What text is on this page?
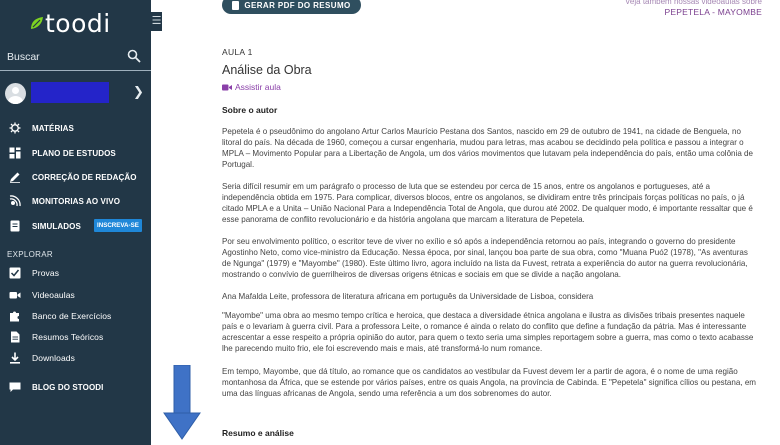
toodi
Buscar
❯
MATÉRIAS
PLANO DE ESTUDOS
CORREÇÃO DE REDAÇÃO
MONITORIAS AO VIVO
SIMULADOS	INSCREVA-SE
EXPLORAR
Provas
Videoaulas
Banco de Exercícios
Resumos Teóricos
Downloads
BLOG DO STOODI
☰
GERAR PDF DO RESUMO	Veja também nossas videoaulas sobre
PEPETELA - MAYOMBE
AULA 1
Análise da Obra
Assistir aula
Sobre o autor

Pepetela é o pseudônimo do angolano Artur Carlos Maurício Pestana dos Santos, nascido em 29 de outubro de 1941, na cidade de Benguela, no litoral do país. Na década de 1960, começou a cursar engenharia, mudou para letras, mas acabou se decidindo pela política e passou a integrar o MPLA – Movimento Popular para a Libertação de Angola, um dos vários movimentos que lutavam pela independência do país, então uma colônia de Portugal.

Seria difícil resumir em um parágrafo o processo de luta que se estendeu por cerca de 15 anos, entre os angolanos e portugueses, até a independência obtida em 1975. Para complicar, diversos blocos, entre os angolanos, se dividiram entre três principais forças políticas no país, o já citado MPLA e a Unita – União Nacional Para a Independência Total de Angola, que durou até 2002. De qualquer modo, é importante ressaltar que é esse panorama de conflito revolucionário e da história angolana que marcam a literatura de Pepetela.

Por seu envolvimento político, o escritor teve de viver no exílio e só após a independência retornou ao país, integrando o governo do presidente Agostinho Neto, como vice-ministro da Educação. Nessa época, por sinal, lançou boa parte de sua obra, como "Muana Puó2 (1978), "As aventuras de Ngunga" (1979) e "Mayombe" (1980). Este último livro, agora incluído na lista da Fuvest, retrata a experiência do autor na guerra revolucionária, mostrando o convívio de guerrilheiros de diversas origens étnicas e sociais em que se divide a nação angolana.

Ana Mafalda Leite, professora de literatura africana em português da Universidade de Lisboa, considera

"Mayombe" uma obra ao mesmo tempo crítica e heroica, que destaca a diversidade étnica angolana e ilustra as divisões tribais presentes naquele país e o levariam à guerra civil. Para a professora Leite, o romance é ainda o relato do conflito que define a fundação da pátria. Mas é interessante acrescentar a esse respeito a própria opinião do autor, para quem o texto seria uma simples reportagem sobre a guerra, mas como o texto acabasse lhe parecendo muito frio, ele foi escrevendo mais e mais, até transformá-lo num romance.

Em tempo, Mayombe, que dá título, ao romance que os candidatos ao vestibular da Fuvest devem ler a partir de agora, é o nome de uma região montanhosa da África, que se estende por vários países, entre os quais Angola, na província de Cabinda. E "Pepetela" significa cílios ou pestana, em uma das línguas africanas de Angola, sendo uma referência a um dos sobrenomes do autor.

Resumo e análise
